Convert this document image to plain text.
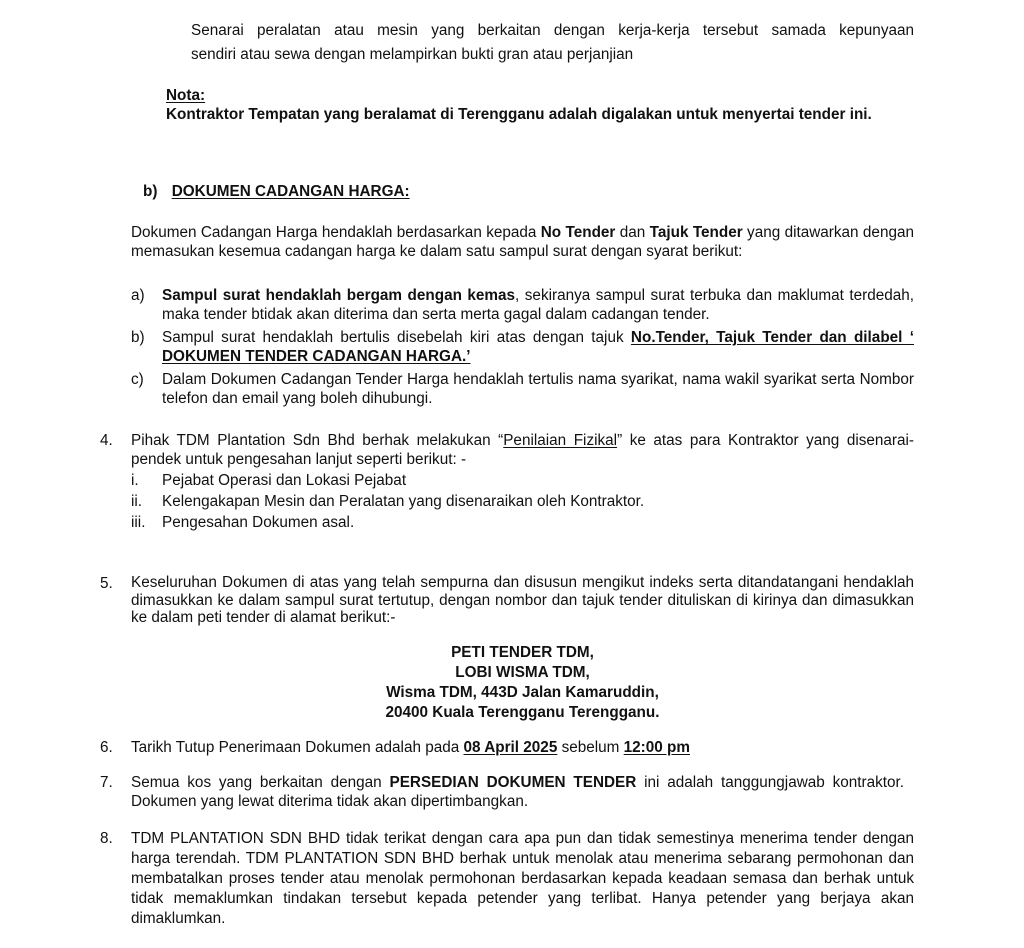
Senarai peralatan atau mesin yang berkaitan dengan kerja-kerja tersebut samada kepunyaan
sendiri atau sewa dengan melampirkan bukti gran atau perjanjian
Nota:
Kontraktor Tempatan yang beralamat di Terengganu adalah digalakan untuk menyertai tender ini.
b) DOKUMEN CADANGAN HARGA:
Dokumen Cadangan Harga hendaklah berdasarkan kepada No Tender dan Tajuk Tender yang ditawarkan dengan memasukan kesemua cadangan harga ke dalam satu sampul surat dengan syarat berikut:
a) Sampul surat hendaklah bergam dengan kemas, sekiranya sampul surat terbuka dan maklumat terdedah, maka tender btidak akan diterima dan serta merta gagal dalam cadangan tender.
b) Sampul surat hendaklah bertulis disebelah kiri atas dengan tajuk No.Tender, Tajuk Tender dan dilabel ‘ DOKUMEN TENDER CADANGAN HARGA.’
c) Dalam Dokumen Cadangan Tender Harga hendaklah tertulis nama syarikat, nama wakil syarikat serta Nombor telefon dan email yang boleh dihubungi.
4. Pihak TDM Plantation Sdn Bhd berhak melakukan “Penilaian Fizikal” ke atas para Kontraktor yang disenarai-pendek untuk pengesahan lanjut seperti berikut: -
i. Pejabat Operasi dan Lokasi Pejabat
ii. Kelengakapan Mesin dan Peralatan yang disenaraikan oleh Kontraktor.
iii. Pengesahan Dokumen asal.
5. Keseluruhan Dokumen di atas yang telah sempurna dan disusun mengikut indeks serta ditandatangani hendaklah dimasukkan ke dalam sampul surat tertutup, dengan nombor dan tajuk tender dituliskan di kirinya dan dimasukkan ke dalam peti tender di alamat berikut:-
PETI TENDER TDM,
LOBI WISMA TDM,
Wisma TDM, 443D Jalan Kamaruddin,
20400 Kuala Terengganu Terengganu.
6. Tarikh Tutup Penerimaan Dokumen adalah pada 08 April 2025 sebelum 12:00 pm
7. Semua kos yang berkaitan dengan PERSEDIAN DOKUMEN TENDER ini adalah tanggungjawab kontraktor. Dokumen yang lewat diterima tidak akan dipertimbangkan.
8. TDM PLANTATION SDN BHD tidak terikat dengan cara apa pun dan tidak semestinya menerima tender dengan harga terendah. TDM PLANTATION SDN BHD berhak untuk menolak atau menerima sebarang permohonan dan membatalkan proses tender atau menolak permohonan berdasarkan kepada keadaan semasa dan berhak untuk tidak memaklumkan tindakan tersebut kepada petender yang terlibat. Hanya petender yang berjaya akan dimaklumkan.
